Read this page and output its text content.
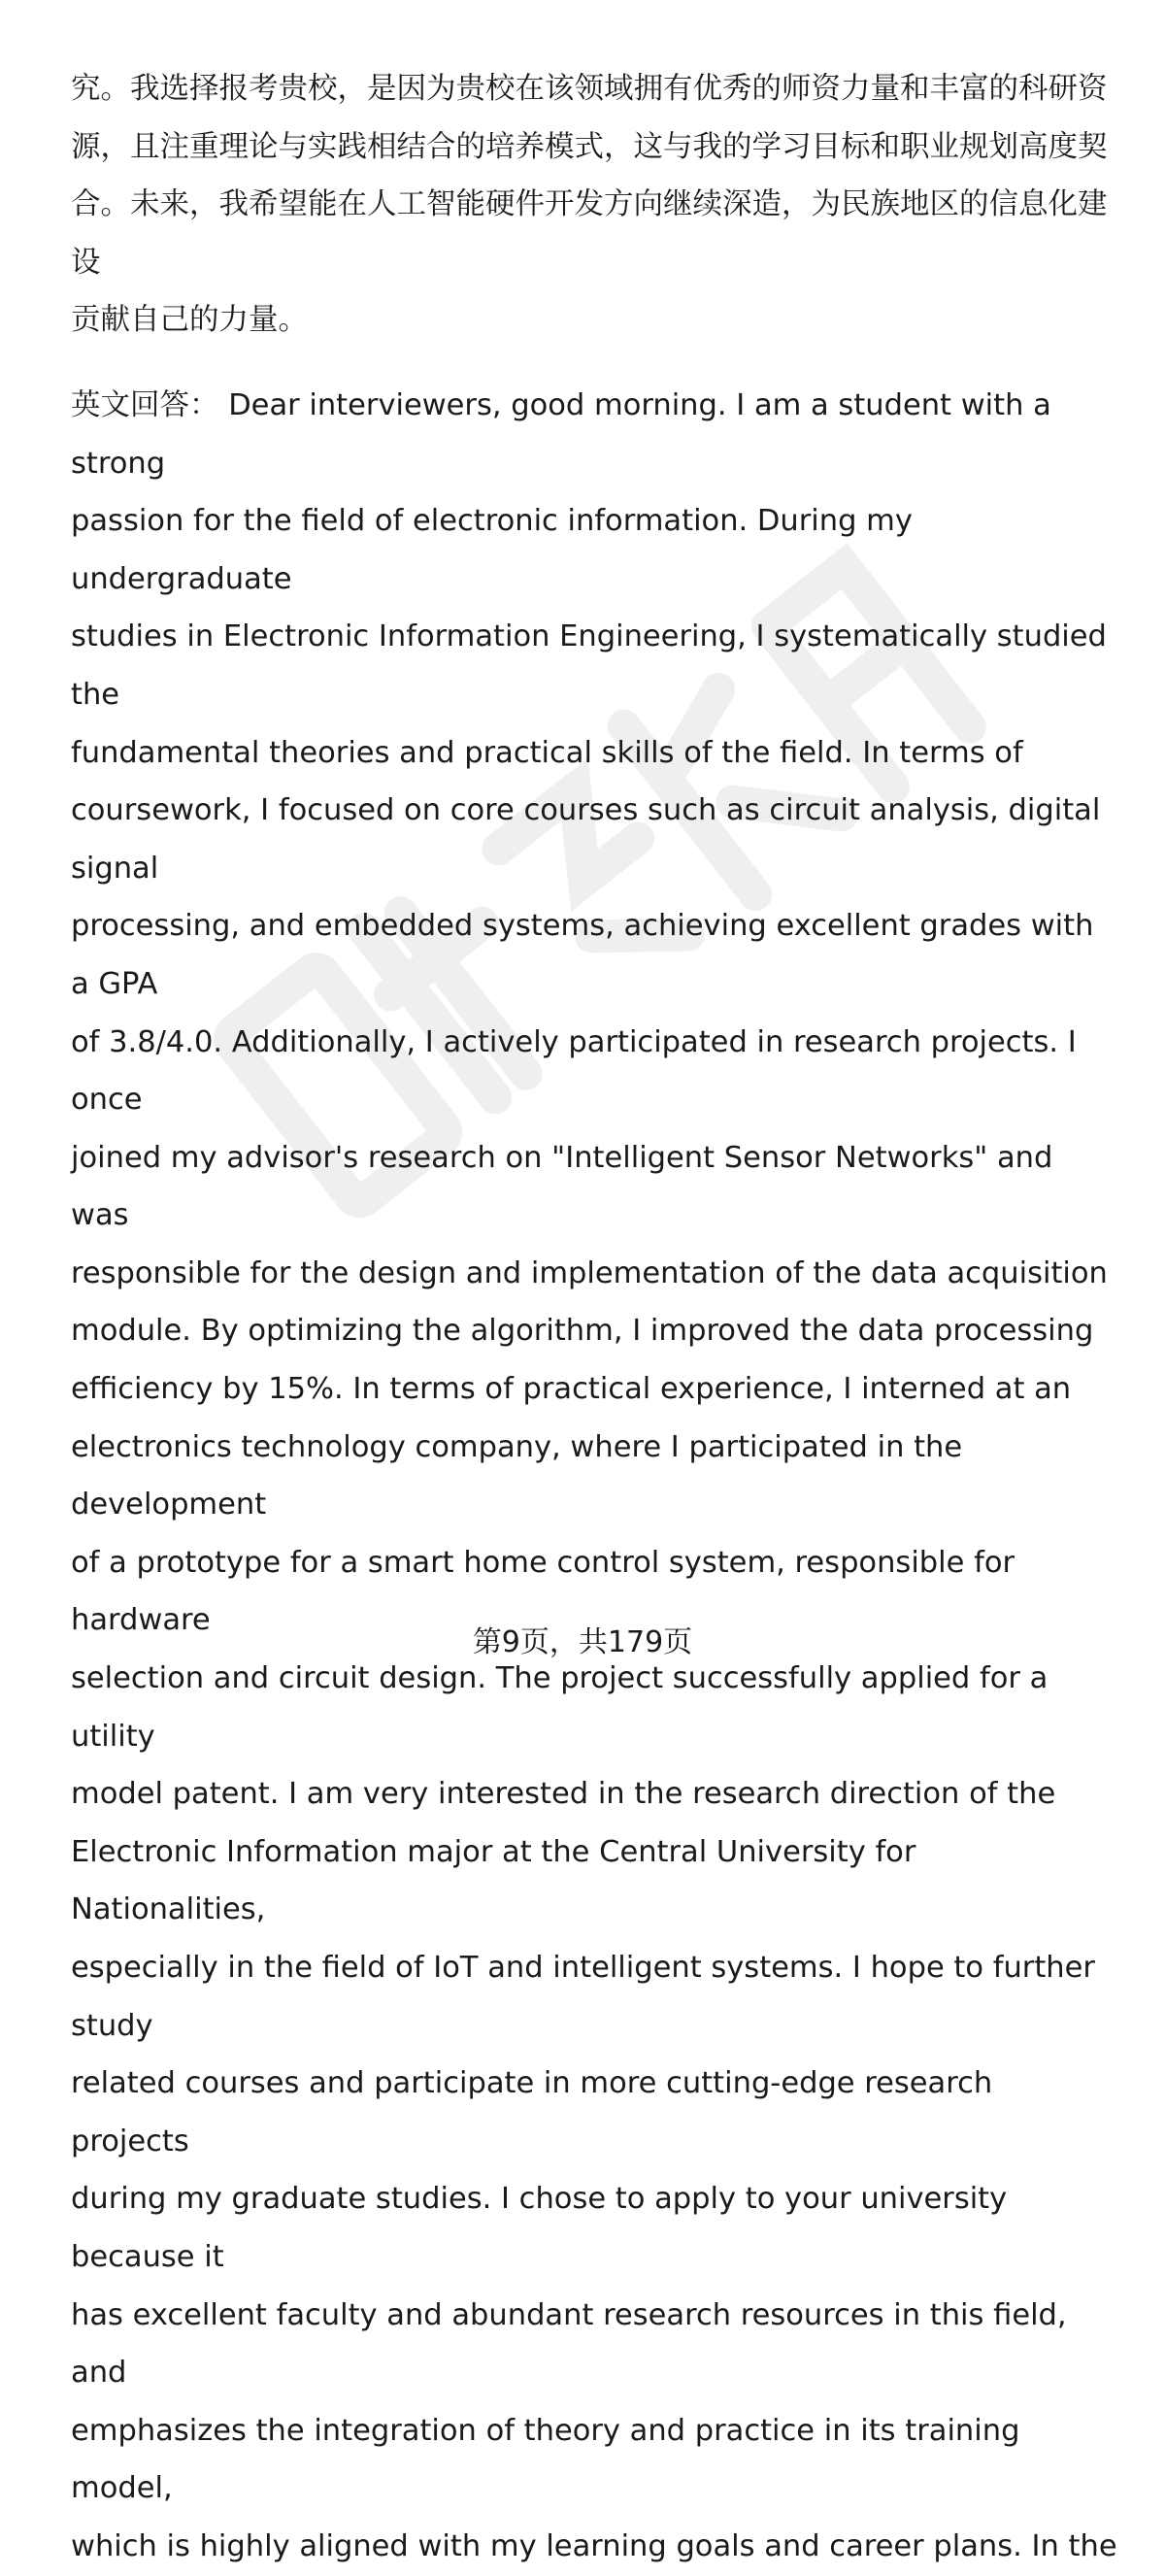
究。我选择报考贵校，是因为贵校在该领域拥有优秀的师资力量和丰富的科研资
源，且注重理论与实践相结合的培养模式，这与我的学习目标和职业规划高度契
合。未来，我希望能在人工智能硬件开发方向继续深造，为民族地区的信息化建设
贡献自己的力量。

英文回答： Dear interviewers, good morning. I am a student with a strong
passion for the field of electronic information. During my undergraduate
studies in Electronic Information Engineering, I systematically studied the
fundamental theories and practical skills of the field. In terms of
coursework, I focused on core courses such as circuit analysis, digital signal
processing, and embedded systems, achieving excellent grades with a GPA
of 3.8/4.0. Additionally, I actively participated in research projects. I once
joined my advisor's research on "Intelligent Sensor Networks" and was
responsible for the design and implementation of the data acquisition
module. By optimizing the algorithm, I improved the data processing
efficiency by 15%. In terms of practical experience, I interned at an
electronics technology company, where I participated in the development
of a prototype for a smart home control system, responsible for hardware
selection and circuit design. The project successfully applied for a utility
model patent. I am very interested in the research direction of the
Electronic Information major at the Central University for Nationalities,
especially in the field of IoT and intelligent systems. I hope to further study
related courses and participate in more cutting-edge research projects
during my graduate studies. I chose to apply to your university because it
has excellent faculty and abundant research resources in this field, and
emphasizes the integration of theory and practice in its training model,
which is highly aligned with my learning goals and career plans. In the

第9页，共179页
